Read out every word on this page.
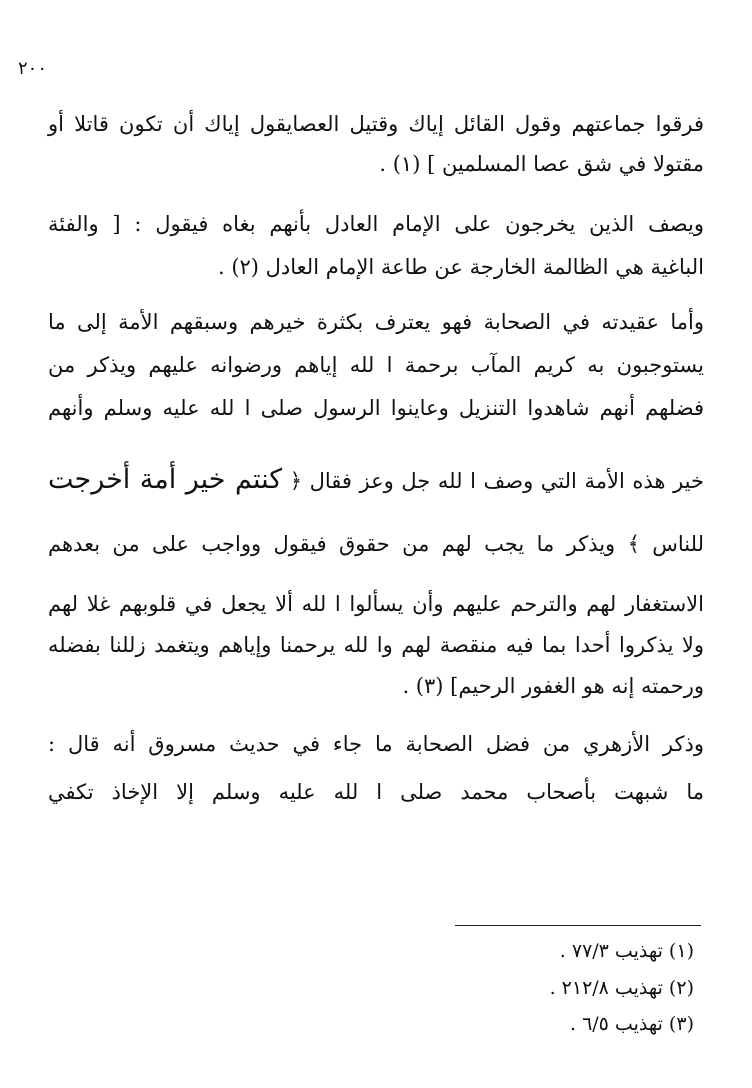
٢٠٠
فرقوا جماعتهم وقول القائل إياك وقتيل العصايقول إياك أن تكون قاتلا أو
مقتولا في شق عصا المسلمين ] (١) .
ويصف الذين يخرجون على الإمام العادل بأنهم بغاه فيقول : [ والفئة
الباغية هي الظالمة الخارجة عن طاعة الإمام العادل (٢) .
وأما عقيدته في الصحابة فهو يعترف بكثرة خيرهم وسبقهم الأمة إلى ما
يستوجبون به كريم المآب برحمة ا لله إياهم ورضوانه عليهم ويذكر من
فضلهم أنهم شاهدوا التنزيل وعاينوا الرسول صلى ا لله عليه وسلم وأنهم
خير هذه الأمة التي وصف ا لله جل وعز فقال ﴿ كنتم خير أمة أخرجت
للناس ﴾ ويذكر ما يجب لهم من حقوق فيقول وواجب على من بعدهم
الاستغفار لهم والترحم عليهم وأن يسألوا ا لله ألا يجعل في قلوبهم غلا لهم
ولا يذكروا أحدا بما فيه منقصة لهم وا لله يرحمنا وإياهم ويتغمد زللنا بفضله
ورحمته إنه هو الغفور الرحيم] (٣) .
وذكر الأزهري من فضل الصحابة ما جاء في حديث مسروق أنه قال :
ما شبهت بأصحاب محمد صلى ا لله عليه وسلم إلا الإخاذ تكفي
(١) تهذيب ٧٧/٣ .
(٢) تهذيب ٢١٢/٨ .
(٣) تهذيب ٦/٥ .
